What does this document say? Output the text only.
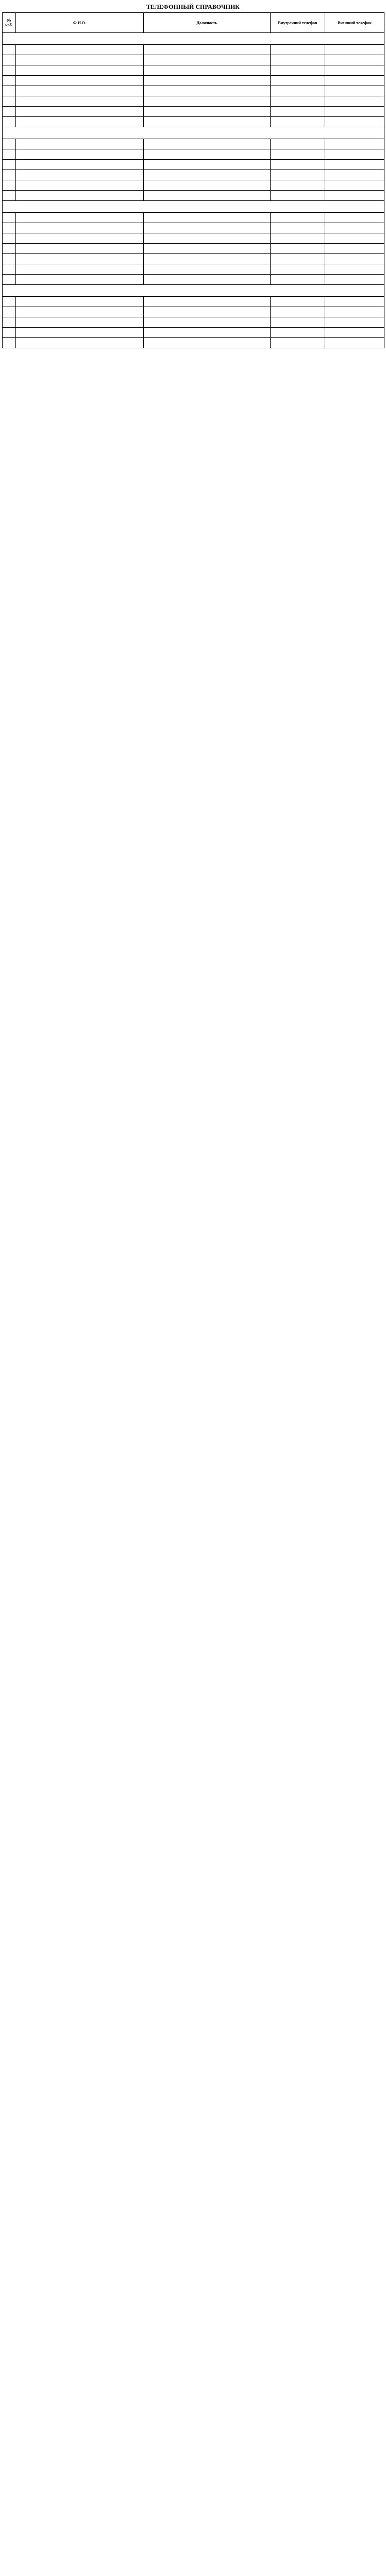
ТЕЛЕФОННЫЙ СПРАВОЧНИК
№ каб.	Ф.И.О.	Должность	Внутренний телефон	Внешний телефон
